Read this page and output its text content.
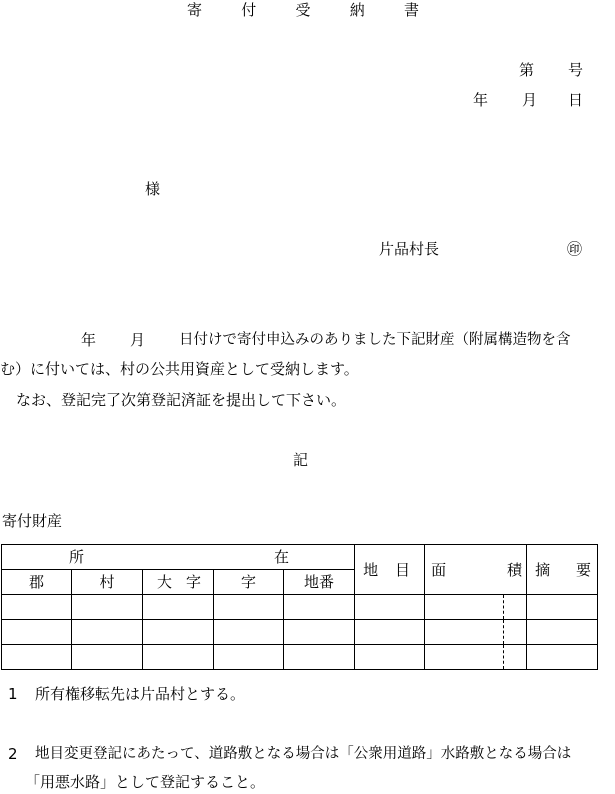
寄	付	受	納	書
第 号
年 月 日
様
片品村長	㊞
年 月 日付けで寄付申込みのありました下記財産（附属構造物を含
む）に付いては、村の公共用資産として受納します。
なお、登記完了次第登記済証を提出して下さい。
記
寄付財産
所 在					地 目	面 積		摘 要

郡	村	大 字	字	地番				

1 所有権移転先は片品村とする。
2 地目変更登記にあたって、道路敷となる場合は「公衆用道路」水路敷となる場合は
「用悪水路」として登記すること。
